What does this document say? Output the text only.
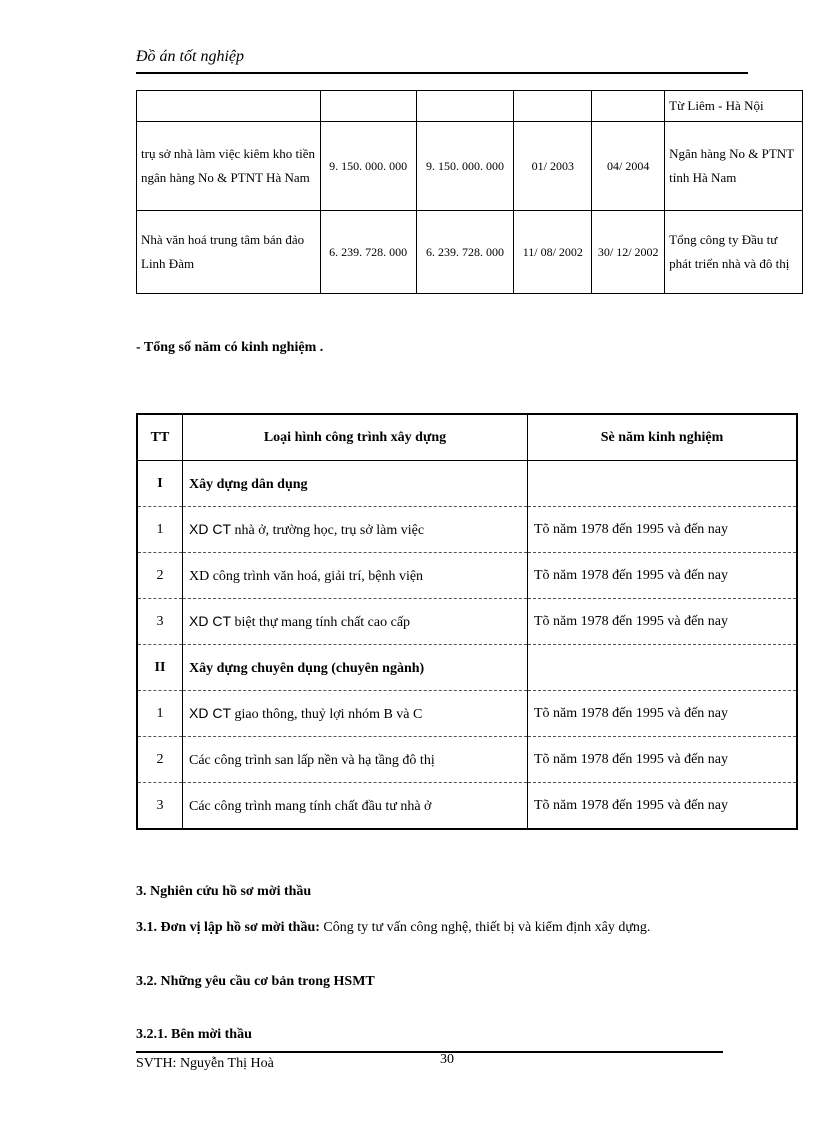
Đồ án tốt nghiệp
					Từ Liêm - Hà Nội
trụ sở nhà làm việc kiêm kho tiền ngân hàng No & PTNT Hà Nam	9. 150. 000. 000	9. 150. 000. 000	01/ 2003	04/ 2004	Ngân hàng No & PTNT tỉnh Hà Nam
Nhà văn hoá trung tâm bán đảo Linh Đàm	6. 239. 728. 000	6. 239. 728. 000	11/ 08/ 2002	30/ 12/ 2002	Tổng công ty Đầu tư phát triển nhà và đô thị
- Tổng số năm có kinh nghiệm .
TT	Loại hình công trình xây dựng	Sè năm kinh nghiệm
I	Xây dựng dân dụng	
1	XD CT nhà ở, trường học, trụ sở làm việc	Tõ năm 1978 đến 1995 và đến nay
2	XD công trình văn hoá, giải trí, bệnh viện	Tõ năm 1978 đến 1995 và đến nay
3	XD CT biệt thự mang tính chất cao cấp	Tõ năm 1978 đến 1995 và đến nay
II	Xây dựng chuyên dụng (chuyên ngành)	
1	XD CT giao thông, thuỷ lợi nhóm B và C	Tõ năm 1978 đến 1995 và đến nay
2	Các công trình san lấp nền và hạ tầng đô thị	Tõ năm 1978 đến 1995 và đến nay
3	Các công trình mang tính chất đầu tư nhà ở	Tõ năm 1978 đến 1995 và đến nay
3. Nghiên cứu hồ sơ mời thầu
3.1. Đơn vị lập hồ sơ mời thầu: Công ty tư vấn công nghệ, thiết bị và kiểm định xây dựng.
3.2. Những yêu cầu cơ bản trong HSMT
3.2.1. Bên mời thầu
SVTH: Nguyễn Thị Hoà	30
